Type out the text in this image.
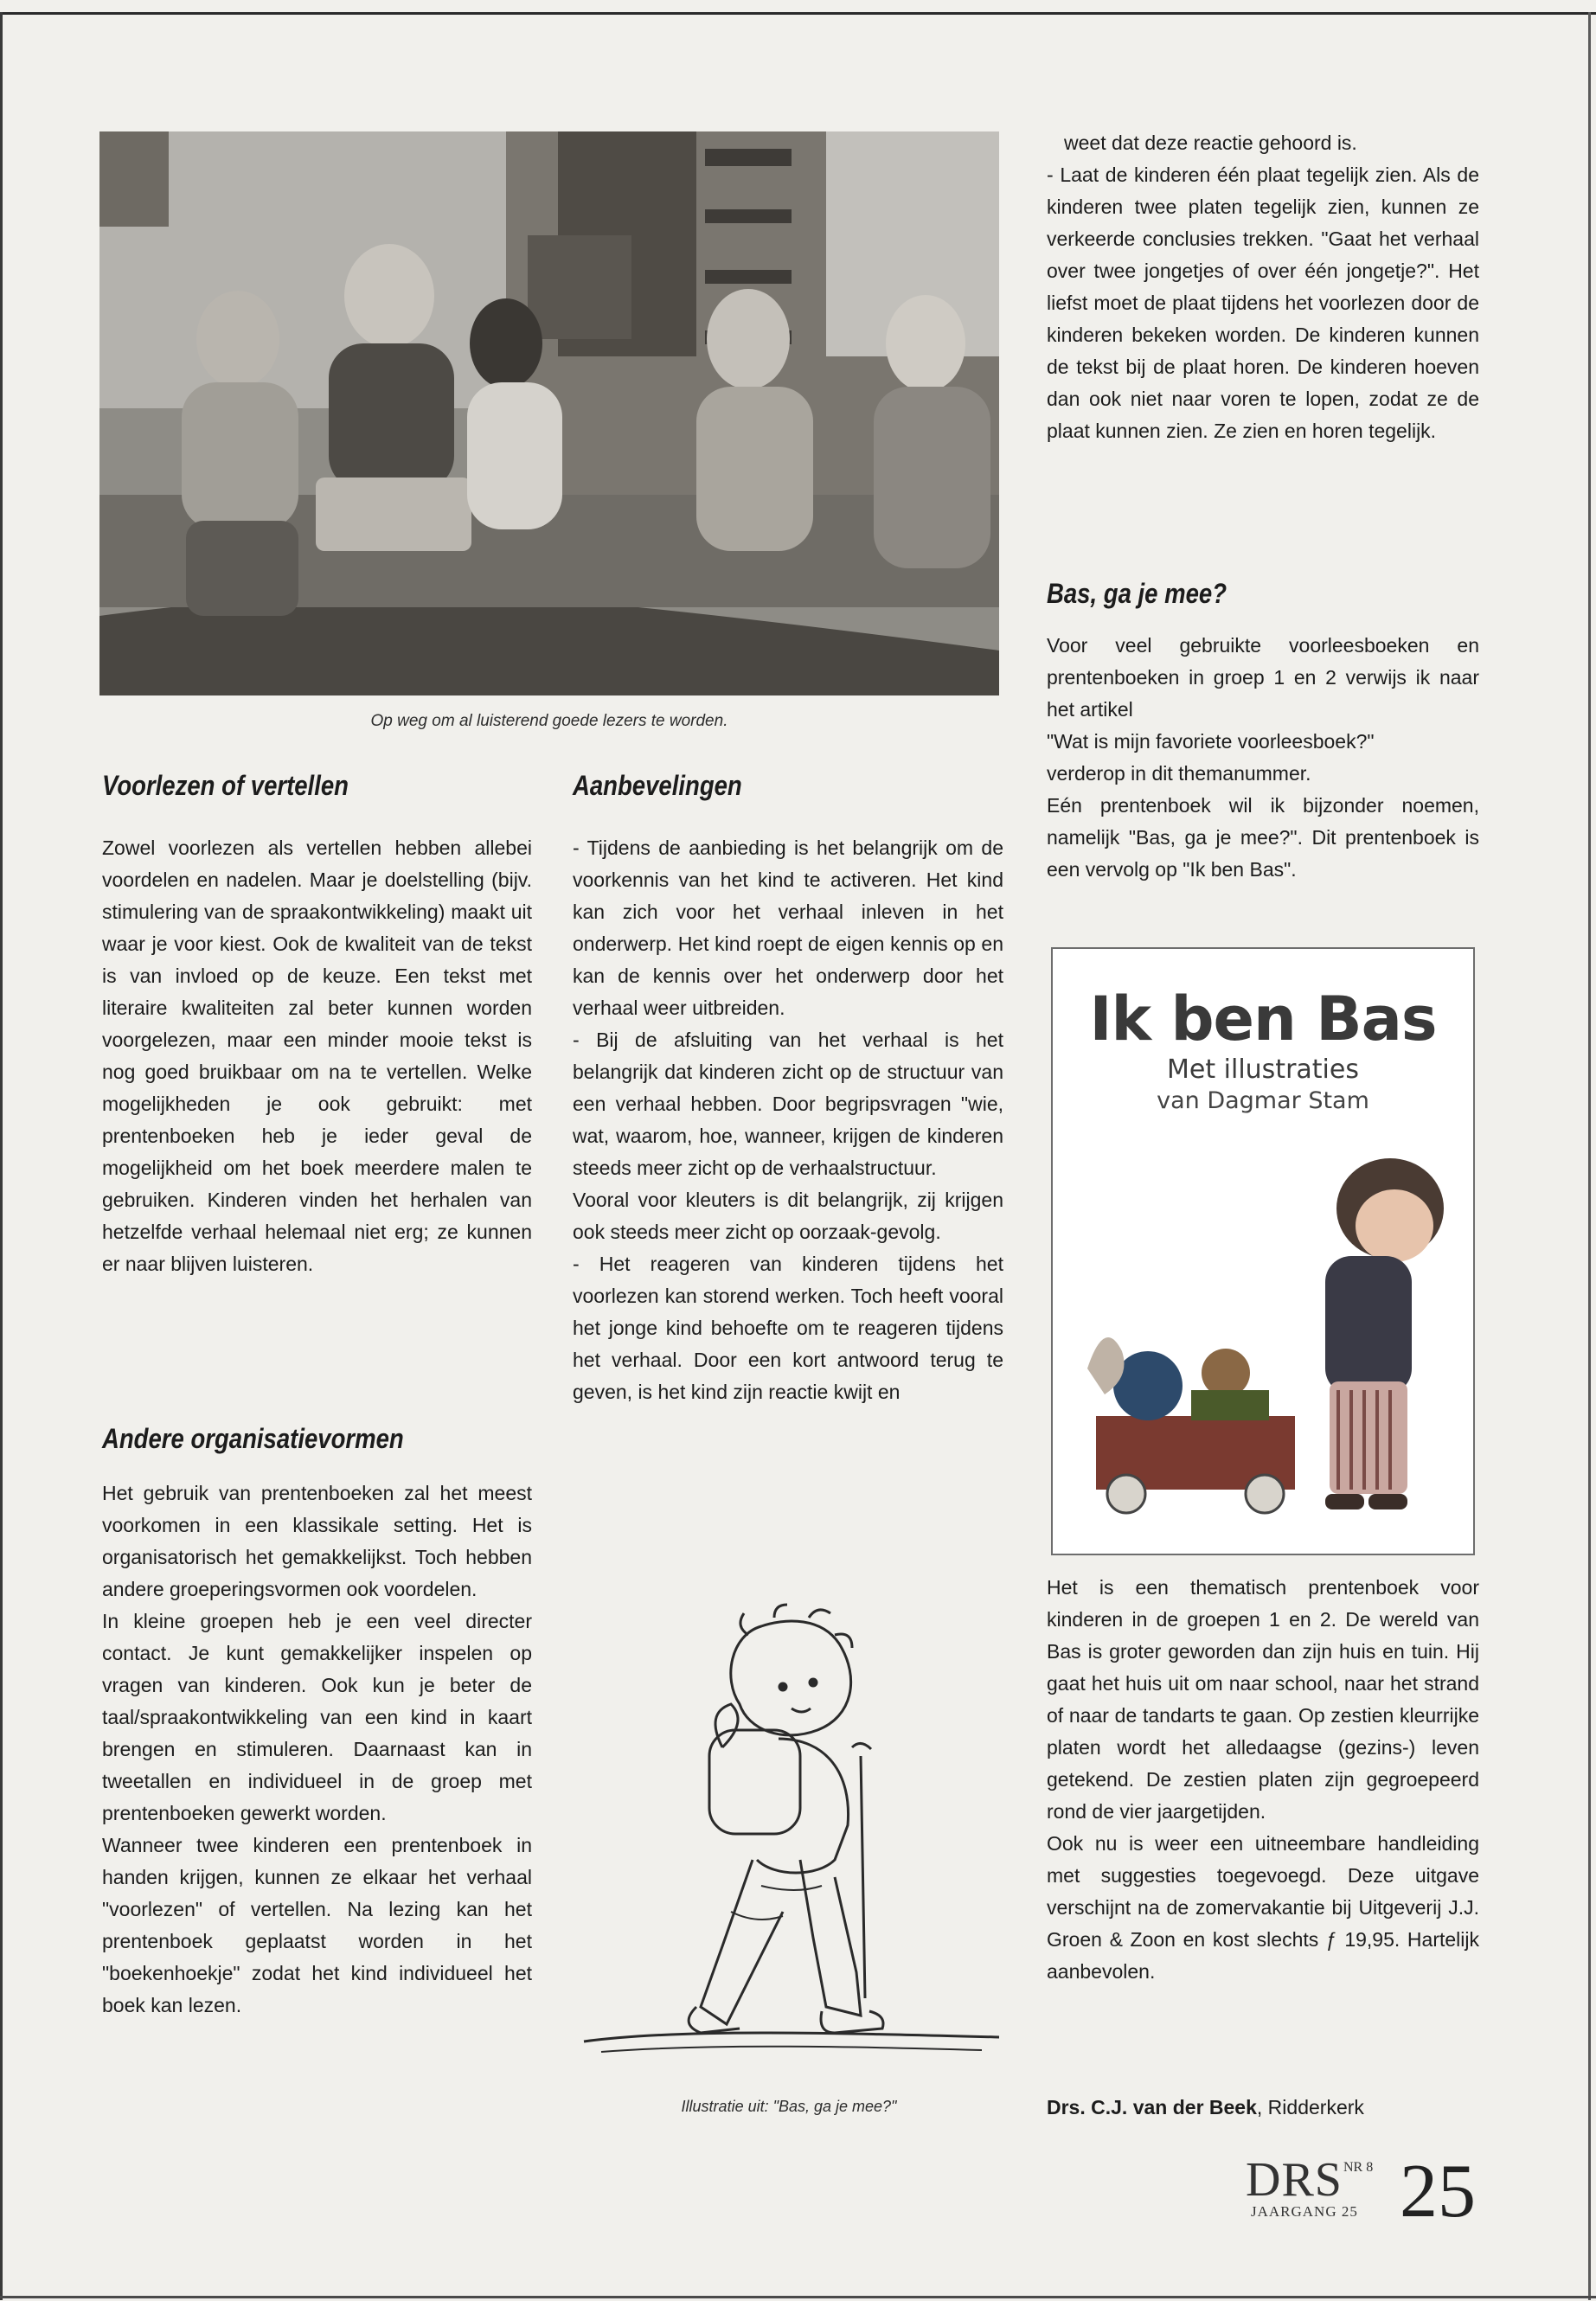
Op weg om al luisterend goede lezers te worden.
Voorlezen of vertellen

Zowel voorlezen als vertellen hebben allebei voordelen en nadelen. Maar je doelstelling (bijv. stimulering van de spraakontwikkeling) maakt uit waar je voor kiest. Ook de kwaliteit van de tekst is van invloed op de keuze. Een tekst met literaire kwaliteiten zal beter kunnen worden voorgelezen, maar een minder mooie tekst is nog goed bruikbaar om na te vertellen. Welke mogelijkheden je ook gebruikt: met prentenboeken heb je ieder geval de mogelijkheid om het boek meerdere malen te gebruiken. Kinderen vinden het herhalen van hetzelfde verhaal helemaal niet erg; ze kunnen er naar blijven luisteren.

Andere organisatievormen

Het gebruik van prentenboeken zal het meest voorkomen in een klassikale setting. Het is organisatorisch het gemakkelijkst. Toch hebben andere groeperingsvormen ook voordelen.

In kleine groepen heb je een veel directer contact. Je kunt gemakkelijker inspelen op vragen van kinderen. Ook kun je beter de taal/spraakontwikkeling van een kind in kaart brengen en stimuleren. Daarnaast kan in tweetallen en individueel in de groep met prentenboeken gewerkt worden.

Wanneer twee kinderen een prentenboek in handen krijgen, kunnen ze elkaar het verhaal "voorlezen" of vertellen. Na lezing kan het prentenboek geplaatst worden in het "boekenhoekje" zodat het kind individueel het boek kan lezen.

Aanbevelingen

- Tijdens de aanbieding is het belangrijk om de voorkennis van het kind te activeren. Het kind kan zich voor het verhaal inleven in het onderwerp. Het kind roept de eigen kennis op en kan de kennis over het onderwerp door het verhaal weer uitbreiden.

- Bij de afsluiting van het verhaal is het belangrijk dat kinderen zicht op de structuur van een verhaal hebben. Door begripsvragen "wie, wat, waarom, hoe, wanneer, krijgen de kinderen steeds meer zicht op de verhaalstructuur.

Vooral voor kleuters is dit belangrijk, zij krijgen ook steeds meer zicht op oorzaak-gevolg.

- Het reageren van kinderen tijdens het voorlezen kan storend werken. Toch heeft vooral het jonge kind behoefte om te reageren tijdens het verhaal. Door een kort antwoord terug te geven, is het kind zijn reactie kwijt en

Illustratie uit: "Bas, ga je mee?"

weet dat deze reactie gehoord is.

- Laat de kinderen één plaat tegelijk zien. Als de kinderen twee platen tegelijk zien, kunnen ze verkeerde conclusies trekken. "Gaat het verhaal over twee jongetjes of over één jongetje?". Het liefst moet de plaat tijdens het voorlezen door de kinderen bekeken worden. De kinderen kunnen de tekst bij de plaat horen. De kinderen hoeven dan ook niet naar voren te lopen, zodat ze de plaat kunnen zien. Ze zien en horen tegelijk.

Bas, ga je mee?

Voor veel gebruikte voorleesboeken en prentenboeken in groep 1 en 2 verwijs ik naar het artikel

"Wat is mijn favoriete voorleesboek?"

verderop in dit themanummer.

Eén prentenboek wil ik bijzonder noemen, namelijk "Bas, ga je mee?". Dit prentenboek is een vervolg op "Ik ben Bas".

Ik ben Bas
Met illustraties
van Dagmar Stam

Het is een thematisch prentenboek voor kinderen in de groepen 1 en 2. De wereld van Bas is groter geworden dan zijn huis en tuin. Hij gaat het huis uit om naar school, naar het strand of naar de tandarts te gaan. Op zestien kleurrijke platen wordt het alledaagse (gezins-) leven getekend. De zestien platen zijn gegroepeerd rond de vier jaargetijden.

Ook nu is weer een uitneembare handleiding met suggesties toegevoegd. Deze uitgave verschijnt na de zomervakantie bij Uitgeverij J.J. Groen & Zoon en kost slechts ƒ 19,95. Hartelijk aanbevolen.

Drs. C.J. van der Beek, Ridderkerk
DRS NR 8
JAARGANG 25 25
